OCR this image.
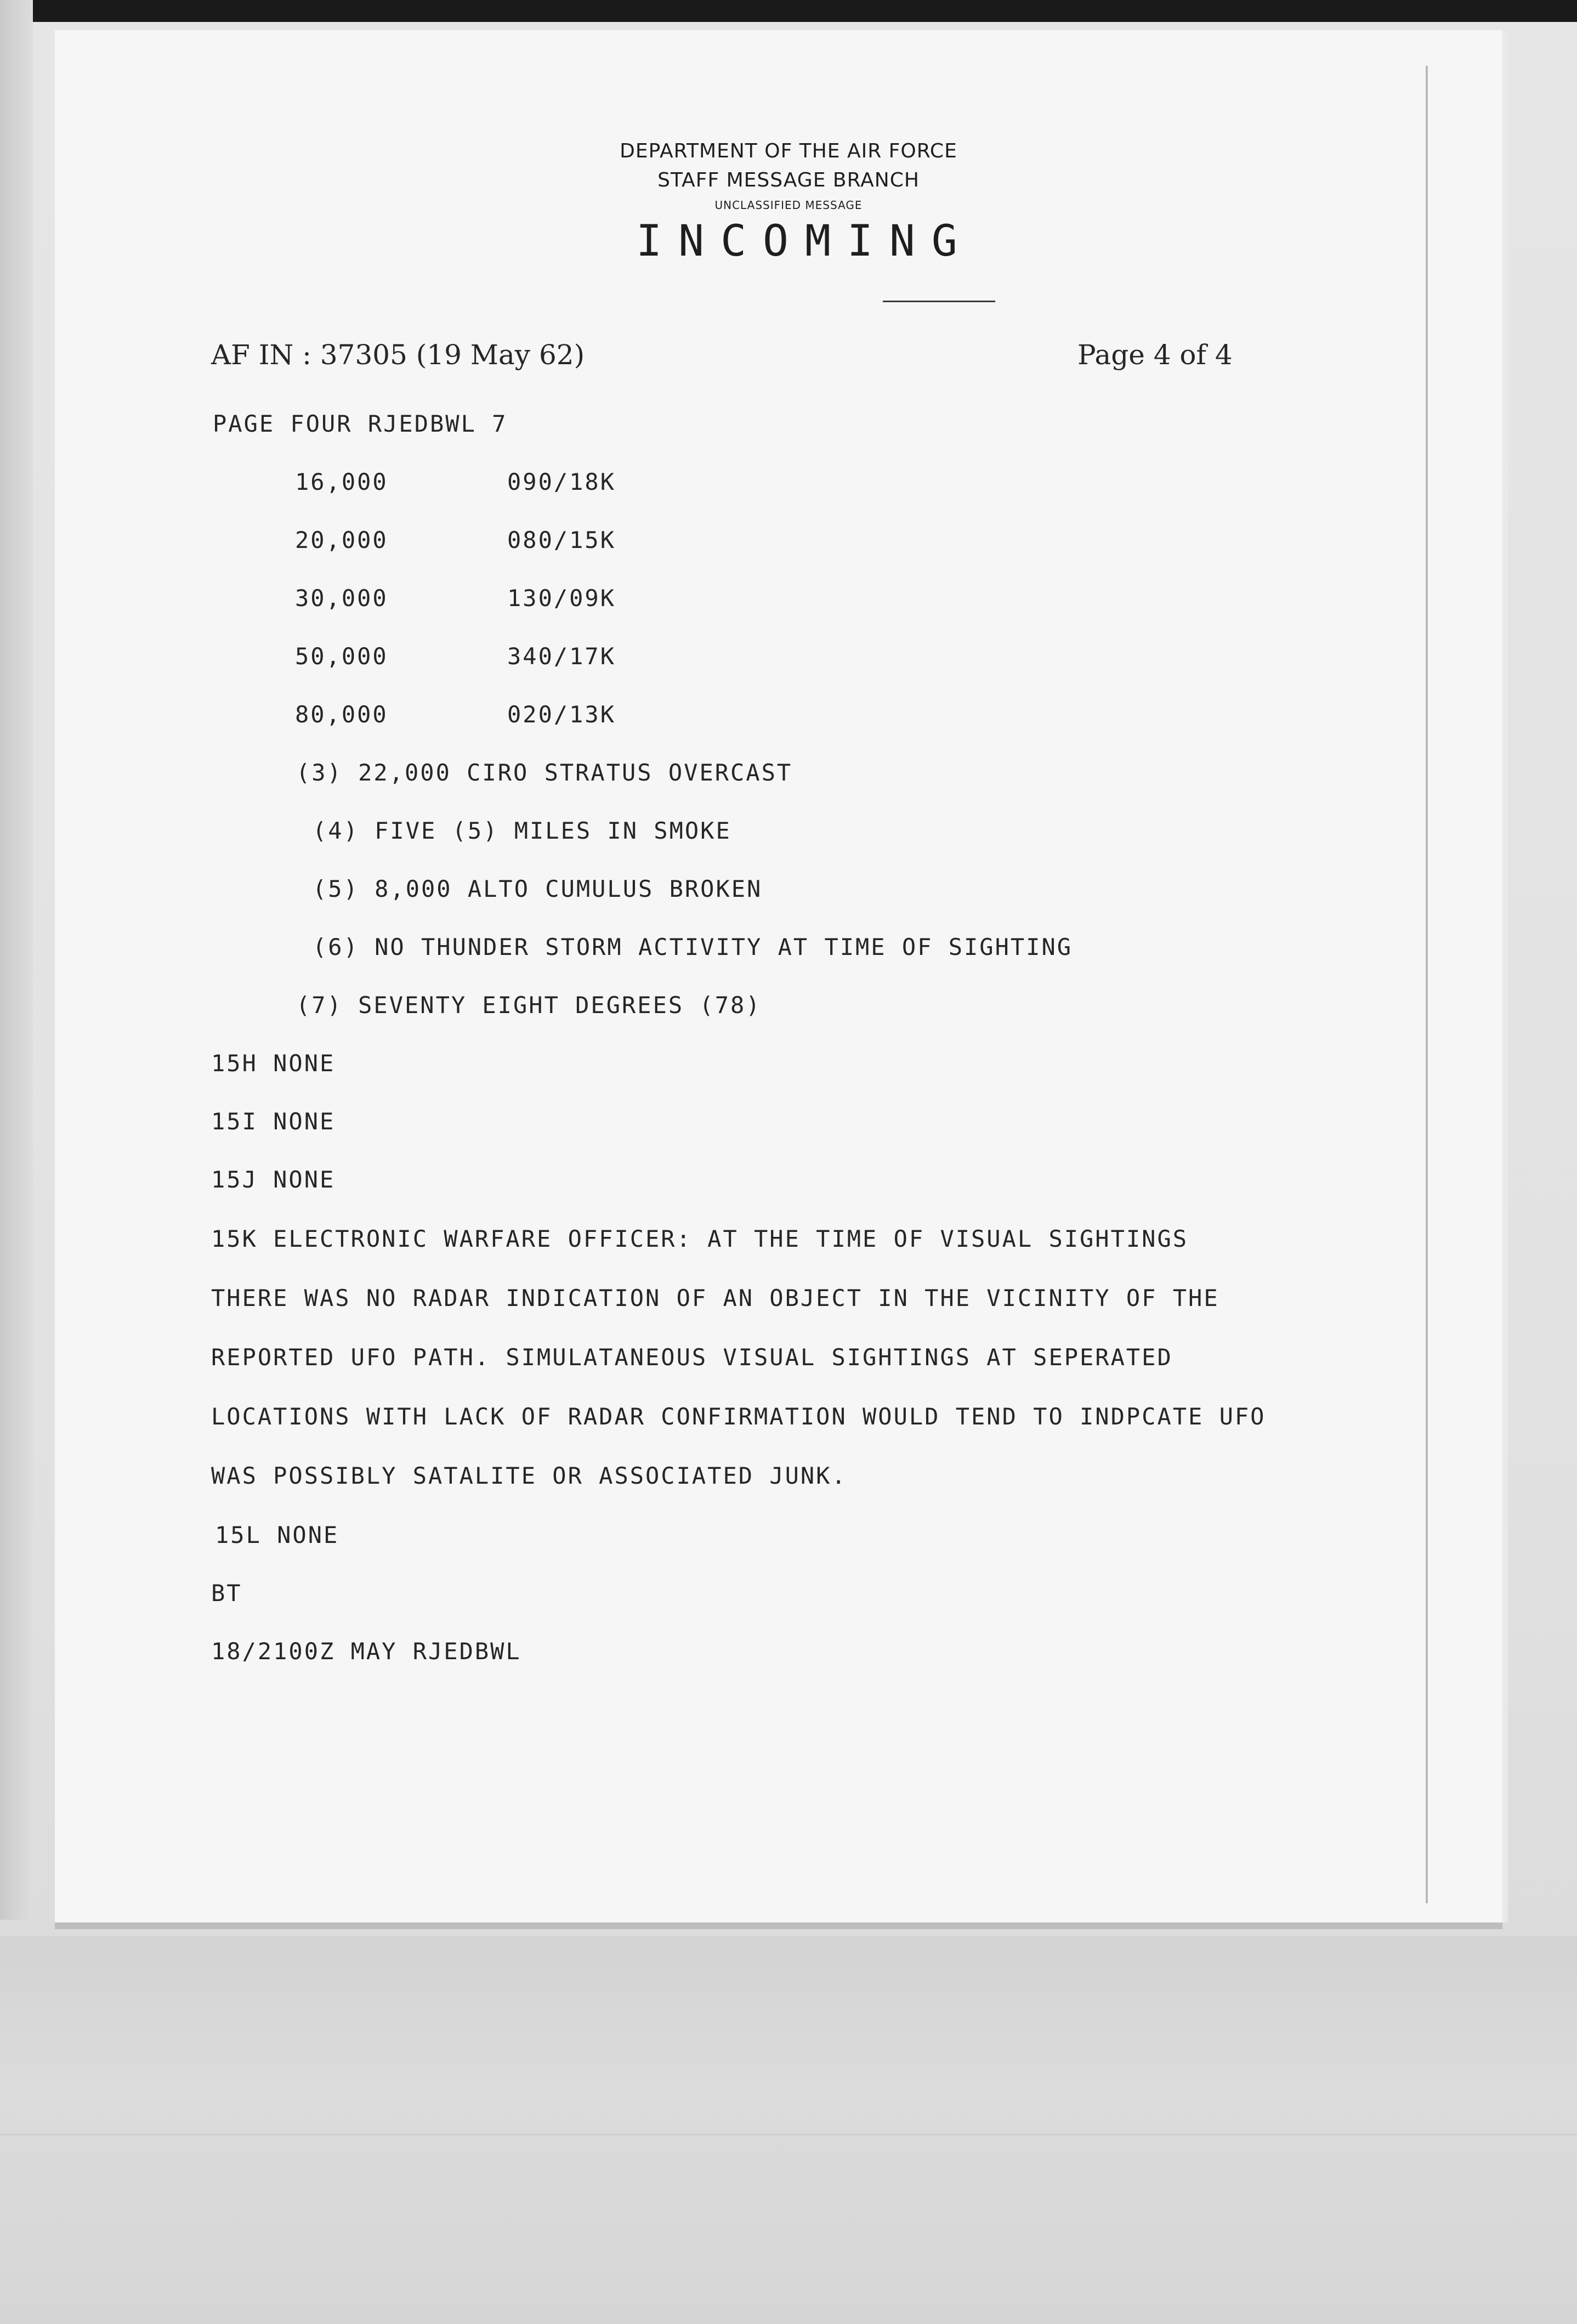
DEPARTMENT OF THE AIR FORCE
STAFF MESSAGE BRANCH
UNCLASSIFIED MESSAGE
INCOMING
AF IN : 37305 (19 May 62)	Page 4 of 4
PAGE FOUR RJEDBWL 7
16,000	090/18K
20,000	080/15K
30,000	130/09K
50,000	340/17K
80,000	020/13K
(3) 22,000 CIRO STRATUS OVERCAST
(4) FIVE (5) MILES IN SMOKE
(5) 8,000 ALTO CUMULUS BROKEN
(6) NO THUNDER STORM ACTIVITY AT TIME OF SIGHTING
(7) SEVENTY EIGHT DEGREES (78)
15H NONE
15I NONE
15J NONE
15K ELECTRONIC WARFARE OFFICER: AT THE TIME OF VISUAL SIGHTINGS
THERE WAS NO RADAR INDICATION OF AN OBJECT IN THE VICINITY OF THE
REPORTED UFO PATH. SIMULATANEOUS VISUAL SIGHTINGS AT SEPERATED
LOCATIONS WITH LACK OF RADAR CONFIRMATION WOULD TEND TO INDPCATE UFO
WAS POSSIBLY SATALITE OR ASSOCIATED JUNK.
15L NONE
BT
18/2100Z MAY RJEDBWL
